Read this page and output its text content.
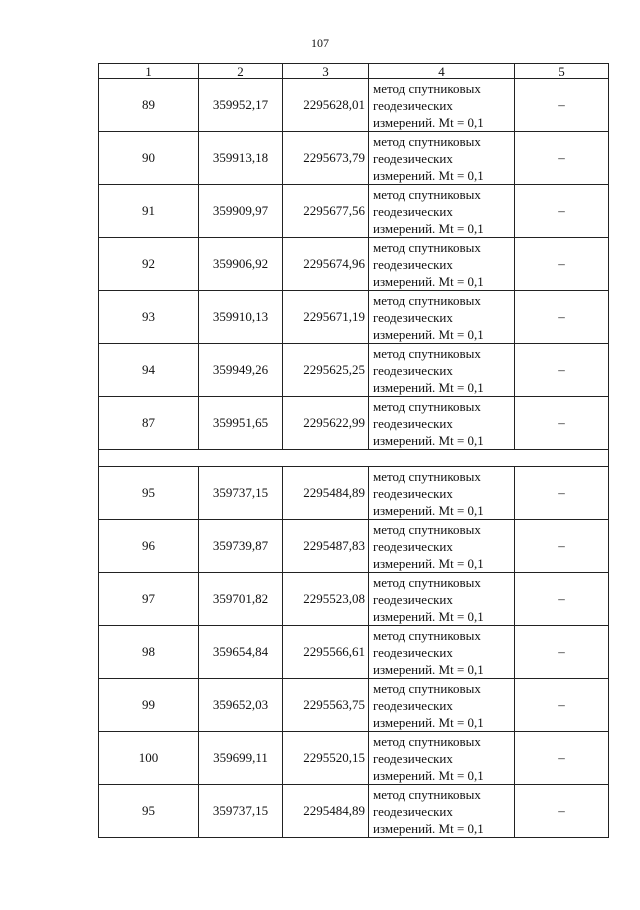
107
1	2	3	4	5
89	359952,17	2295628,01	метод спутниковых
геодезических
измерений. Mt = 0,1	–
90	359913,18	2295673,79	метод спутниковых
геодезических
измерений. Mt = 0,1	–
91	359909,97	2295677,56	метод спутниковых
геодезических
измерений. Mt = 0,1	–
92	359906,92	2295674,96	метод спутниковых
геодезических
измерений. Mt = 0,1	–
93	359910,13	2295671,19	метод спутниковых
геодезических
измерений. Mt = 0,1	–
94	359949,26	2295625,25	метод спутниковых
геодезических
измерений. Mt = 0,1	–
87	359951,65	2295622,99	метод спутниковых
геодезических
измерений. Mt = 0,1	–

95	359737,15	2295484,89	метод спутниковых
геодезических
измерений. Mt = 0,1	–
96	359739,87	2295487,83	метод спутниковых
геодезических
измерений. Mt = 0,1	–
97	359701,82	2295523,08	метод спутниковых
геодезических
измерений. Mt = 0,1	–
98	359654,84	2295566,61	метод спутниковых
геодезических
измерений. Mt = 0,1	–
99	359652,03	2295563,75	метод спутниковых
геодезических
измерений. Mt = 0,1	–
100	359699,11	2295520,15	метод спутниковых
геодезических
измерений. Mt = 0,1	–
95	359737,15	2295484,89	метод спутниковых
геодезических
измерений. Mt = 0,1	–
